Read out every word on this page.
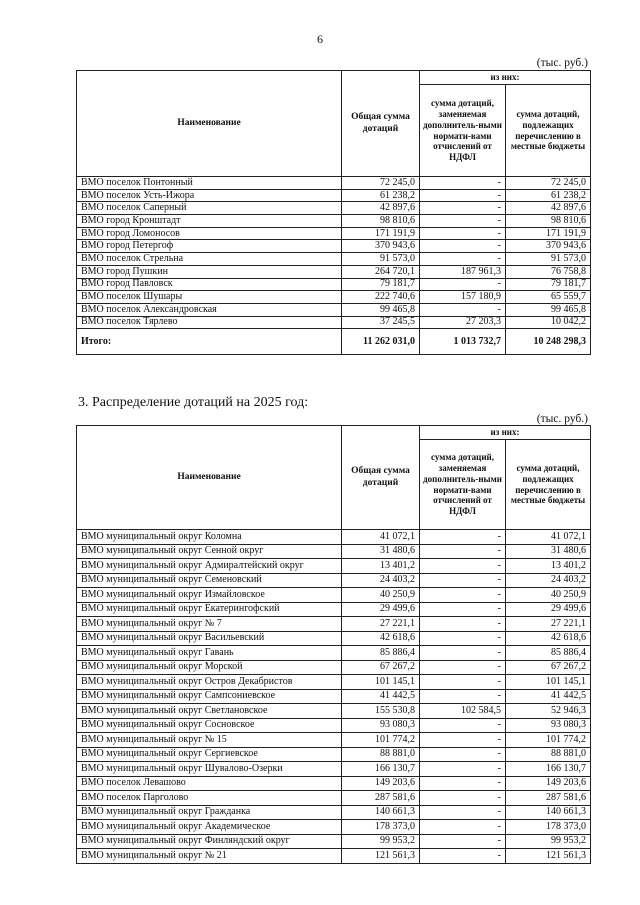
6
(тыс. руб.)
Наименование	Общая сумма дотаций	из них:	
		сумма дотаций, заменяемая дополнитель-ными нормати-вами отчислений от НДФЛ	сумма дотаций, подлежащих перечислению в местные бюджеты
ВМО поселок Понтонный	72 245,0	-	72 245,0
ВМО поселок Усть-Ижора	61 238,2	-	61 238,2
ВМО поселок Саперный	42 897,6	-	42 897,6
ВМО город Кронштадт	98 810,6	-	98 810,6
ВМО город Ломоносов	171 191,9	-	171 191,9
ВМО город Петергоф	370 943,6	-	370 943,6
ВМО поселок Стрельна	91 573,0	-	91 573,0
ВМО город Пушкин	264 720,1	187 961,3	76 758,8
ВМО город Павловск	79 181,7	-	79 181,7
ВМО поселок Шушары	222 740,6	157 180,9	65 559,7
ВМО поселок Александровская	99 465,8	-	99 465,8
ВМО поселок Тярлево	37 245,5	27 203,3	10 042,2
Итого:	11 262 031,0	1 013 732,7	10 248 298,3
3. Распределение дотаций на 2025 год:
(тыс. руб.)
Наименование	Общая сумма дотаций	из них:	
		сумма дотаций, заменяемая дополнитель-ными нормати-вами отчислений от НДФЛ	сумма дотаций, подлежащих перечислению в местные бюджеты
ВМО муниципальный округ Коломна	41 072,1	-	41 072,1
ВМО муниципальный округ Сенной округ	31 480,6	-	31 480,6
ВМО муниципальный округ Адмиралтейский округ	13 401,2	-	13 401,2
ВМО муниципальный округ Семеновский	24 403,2	-	24 403,2
ВМО муниципальный округ Измайловское	40 250,9	-	40 250,9
ВМО муниципальный округ Екатерингофский	29 499,6	-	29 499,6
ВМО муниципальный округ № 7	27 221,1	-	27 221,1
ВМО муниципальный округ Васильевский	42 618,6	-	42 618,6
ВМО муниципальный округ Гавань	85 886,4	-	85 886,4
ВМО муниципальный округ Морской	67 267,2	-	67 267,2
ВМО муниципальный округ Остров Декабристов	101 145,1	-	101 145,1
ВМО муниципальный округ Сампсониевское	41 442,5	-	41 442,5
ВМО муниципальный округ Светлановское	155 530,8	102 584,5	52 946,3
ВМО муниципальный округ Сосновское	93 080,3	-	93 080,3
ВМО муниципальный округ № 15	101 774,2	-	101 774,2
ВМО муниципальный округ Сергиевское	88 881,0	-	88 881,0
ВМО муниципальный округ Шувалово-Озерки	166 130,7	-	166 130,7
ВМО поселок Левашово	149 203,6	-	149 203,6
ВМО поселок Парголово	287 581,6	-	287 581,6
ВМО муниципальный округ Гражданка	140 661,3	-	140 661,3
ВМО муниципальный округ Академическое	178 373,0	-	178 373,0
ВМО муниципальный округ Финляндский округ	99 953,2	-	99 953,2
ВМО муниципальный округ № 21	121 561,3	-	121 561,3
